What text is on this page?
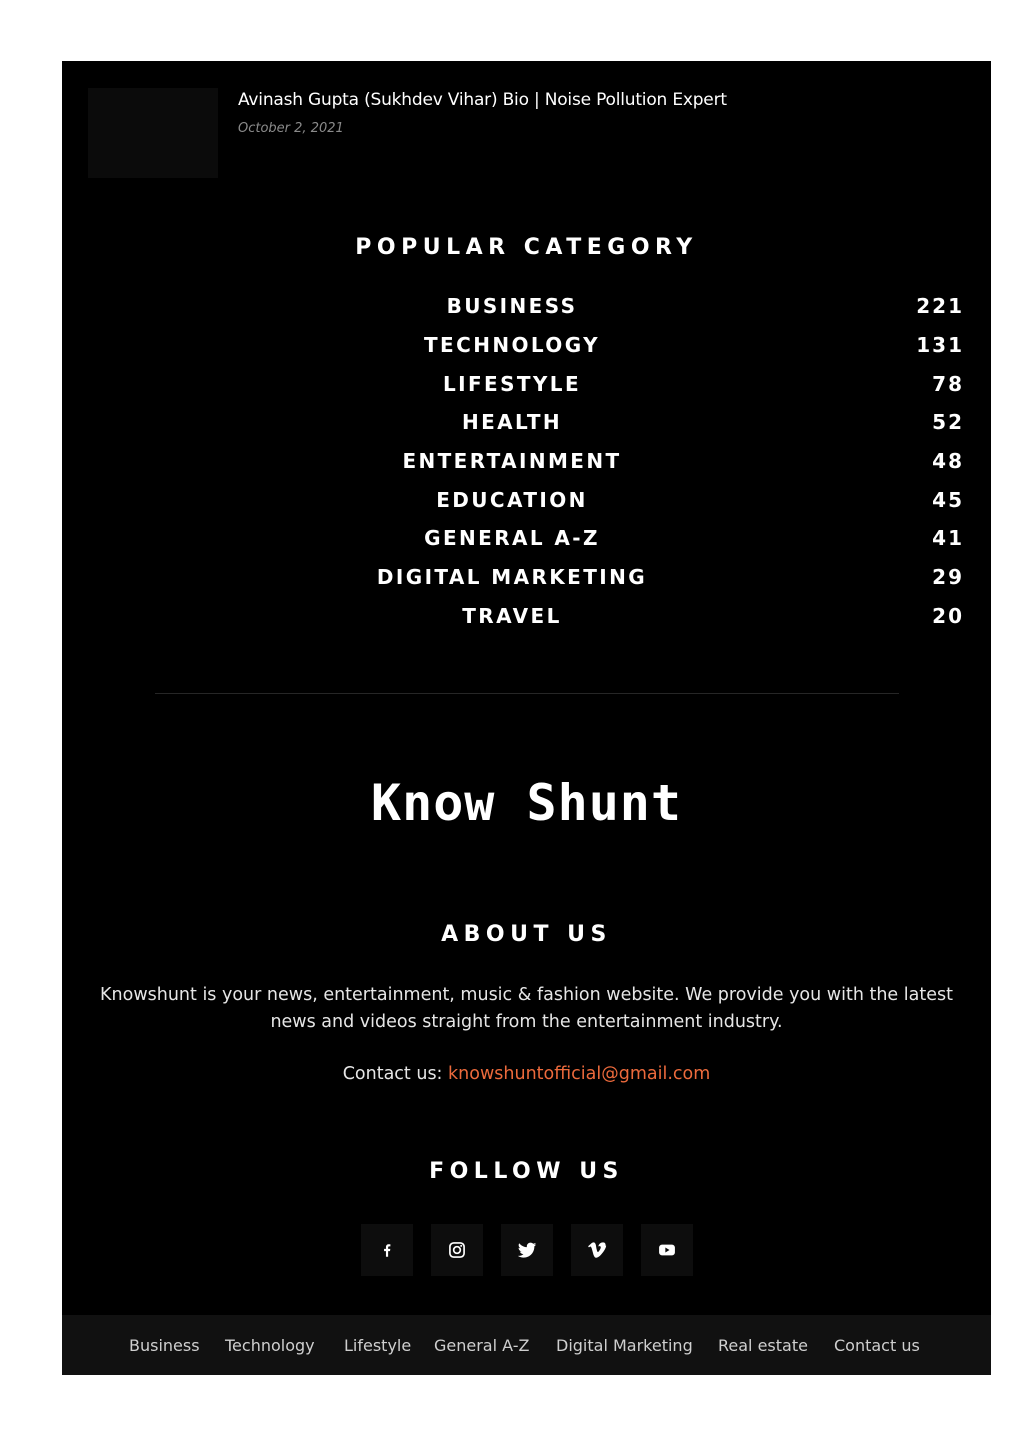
Avinash Gupta (Sukhdev Vihar) Bio | Noise Pollution Expert
October 2, 2021
POPULAR CATEGORY
BUSINESS	221
TECHNOLOGY	131
LIFESTYLE	78
HEALTH	52
ENTERTAINMENT	48
EDUCATION	45
GENERAL A-Z	41
DIGITAL MARKETING	29
TRAVEL	20
Know Shunt
ABOUT US
Knowshunt is your news, entertainment, music & fashion website. We provide you with the latest news and videos straight from the entertainment industry.
Contact us: knowshuntofficial@gmail.com
FOLLOW US
Business Technology Lifestyle General A-Z Digital Marketing Real estate Contact us
